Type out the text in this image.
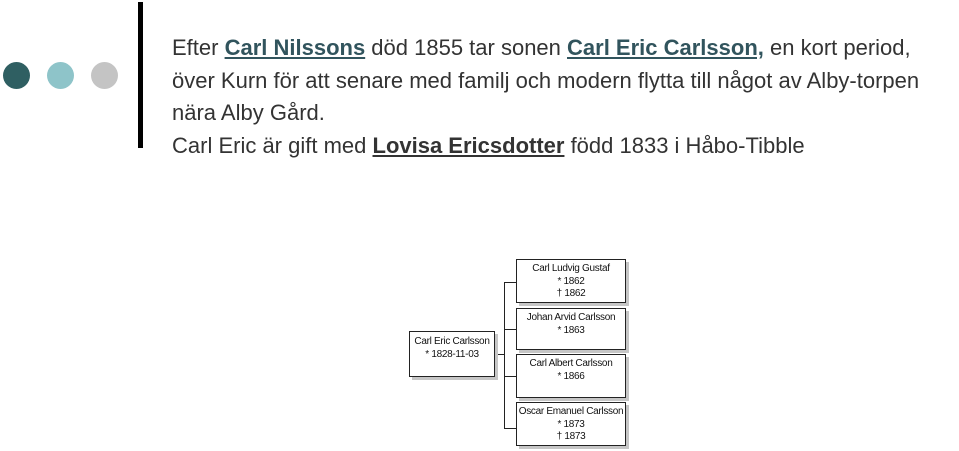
Efter Carl Nilssons död 1855 tar sonen Carl Eric Carlsson, en kort period, över Kurn för att senare med familj och modern flytta till något av Alby-torpen nära Alby Gård.
Carl Eric är gift med Lovisa Ericsdotter född 1833 i Håbo-Tibble
Carl Eric Carlsson
* 1828-11-03
Carl Ludvig Gustaf
* 1862
† 1862
Johan Arvid Carlsson
* 1863
Carl Albert Carlsson
* 1866
Oscar Emanuel Carlsson
* 1873
† 1873
